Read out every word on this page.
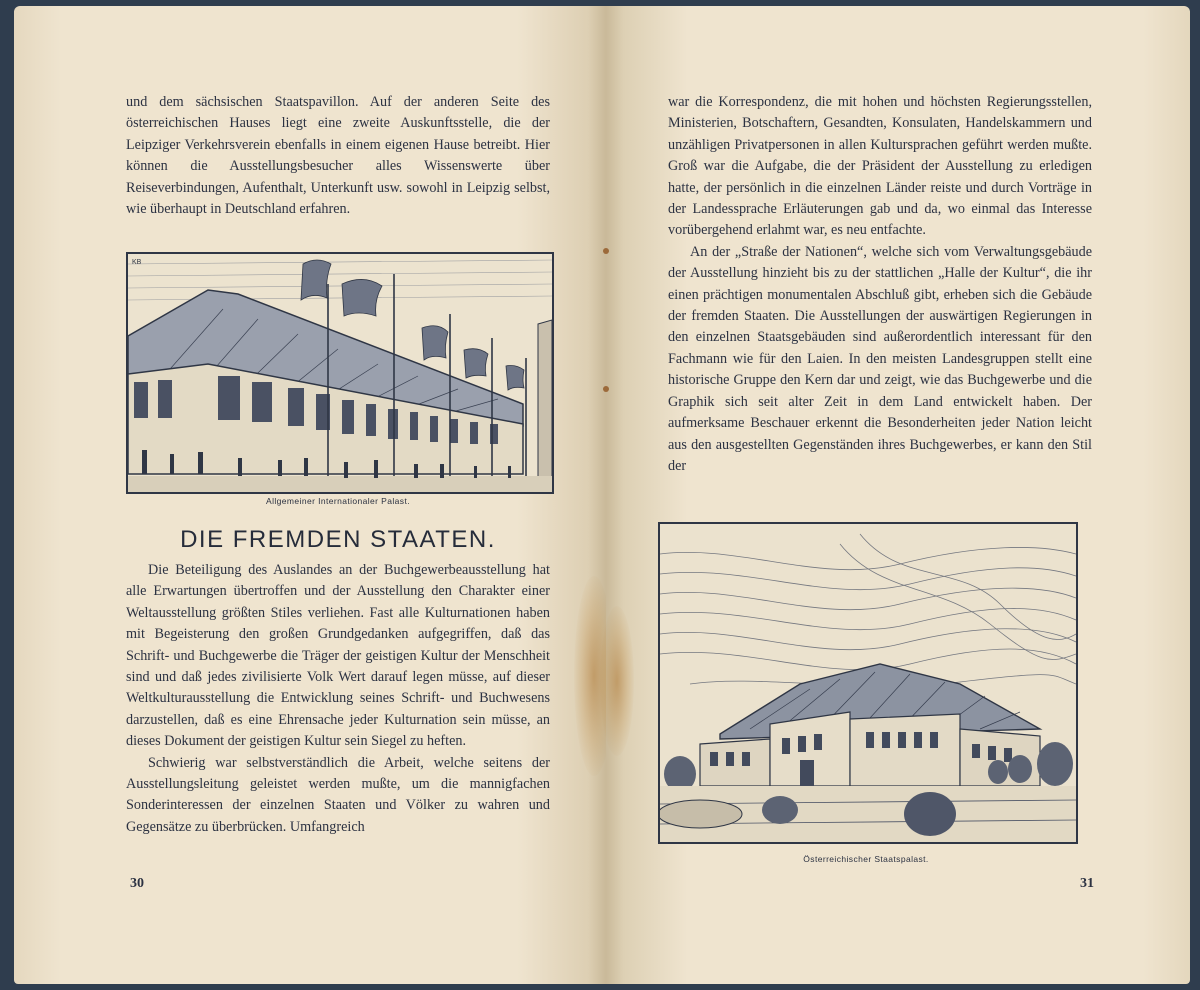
und dem sächsischen Staatspavillon. Auf der anderen Seite des österreichischen Hauses liegt eine zweite Auskunftsstelle, die der Leipziger Verkehrsverein ebenfalls in einem eigenen Hause betreibt. Hier können die Ausstellungsbesucher alles Wissenswerte über Reiseverbindungen, Aufenthalt, Unterkunft usw. sowohl in Leipzig selbst, wie überhaupt in Deutschland erfahren.

KB
Allgemeiner Internationaler Palast.
DIE FREMDEN STAATEN.

Die Beteiligung des Auslandes an der Buchgewerbeausstellung hat alle Erwartungen übertroffen und der Ausstellung den Charakter einer Weltausstellung größten Stiles verliehen. Fast alle Kulturnationen haben mit Begeisterung den großen Grundgedanken aufgegriffen, daß das Schrift- und Buchgewerbe die Träger der geistigen Kultur der Menschheit sind und daß jedes zivilisierte Volk Wert darauf legen müsse, auf dieser Weltkulturausstellung die Entwicklung seines Schrift- und Buchwesens darzustellen, daß es eine Ehrensache jeder Kulturnation sein müsse, an dieses Dokument der geistigen Kultur sein Siegel zu heften.

Schwierig war selbstverständlich die Arbeit, welche seitens der Ausstellungsleitung geleistet werden mußte, um die mannigfachen Sonderinteressen der einzelnen Staaten und Völker zu wahren und Gegensätze zu überbrücken. Umfangreich

30

war die Korrespondenz, die mit hohen und höchsten Regierungsstellen, Ministerien, Botschaftern, Gesandten, Konsulaten, Handelskammern und unzähligen Privatpersonen in allen Kultursprachen geführt werden mußte. Groß war die Aufgabe, die der Präsident der Ausstellung zu erledigen hatte, der persönlich in die einzelnen Länder reiste und durch Vorträge in der Landessprache Erläuterungen gab und da, wo einmal das Interesse vorübergehend erlahmt war, es neu entfachte.

An der „Straße der Nationen“, welche sich vom Verwaltungsgebäude der Ausstellung hinzieht bis zu der stattlichen „Halle der Kultur“, die ihr einen prächtigen monumentalen Abschluß gibt, erheben sich die Gebäude der fremden Staaten. Die Ausstellungen der auswärtigen Regierungen in den einzelnen Staatsgebäuden sind außerordentlich interessant für den Fachmann wie für den Laien. In den meisten Landesgruppen stellt eine historische Gruppe den Kern dar und zeigt, wie das Buchgewerbe und die Graphik sich seit alter Zeit in dem Land entwickelt haben. Der aufmerksame Beschauer erkennt die Besonderheiten jeder Nation leicht aus den ausgestellten Gegenständen ihres Buchgewerbes, er kann den Stil der

Österreichischer Staatspalast.
31
